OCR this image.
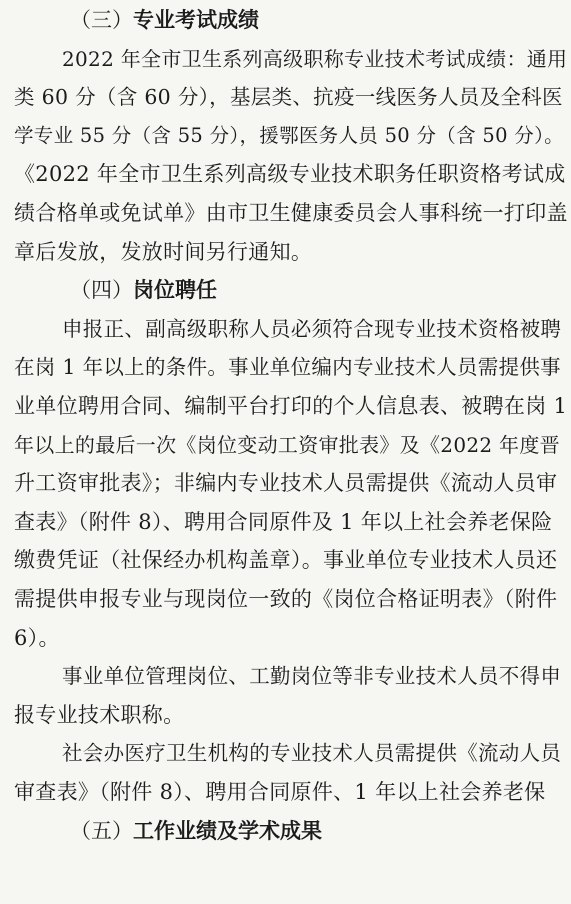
（三）专业考试成绩
2022 年全市卫生系列高级职称专业技术考试成绩：通用
类 60 分（含 60 分），基层类、抗疫一线医务人员及全科医
学专业 55 分（含 55 分），援鄂医务人员 50 分（含 50 分）。
《2022 年全市卫生系列高级专业技术职务任职资格考试成
绩合格单或免试单》由市卫生健康委员会人事科统一打印盖
章后发放，发放时间另行通知。
（四）岗位聘任
申报正、副高级职称人员必须符合现专业技术资格被聘
在岗 1 年以上的条件。事业单位编内专业技术人员需提供事
业单位聘用合同、编制平台打印的个人信息表、被聘在岗 1
年以上的最后一次《岗位变动工资审批表》及《2022 年度晋
升工资审批表》；非编内专业技术人员需提供《流动人员审
查表》（附件 8）、聘用合同原件及 1 年以上社会养老保险
缴费凭证（社保经办机构盖章）。事业单位专业技术人员还
需提供申报专业与现岗位一致的《岗位合格证明表》（附件
6）。
事业单位管理岗位、工勤岗位等非专业技术人员不得申
报专业技术职称。
社会办医疗卫生机构的专业技术人员需提供《流动人员
审查表》（附件 8）、聘用合同原件、1 年以上社会养老保
（五）工作业绩及学术成果
